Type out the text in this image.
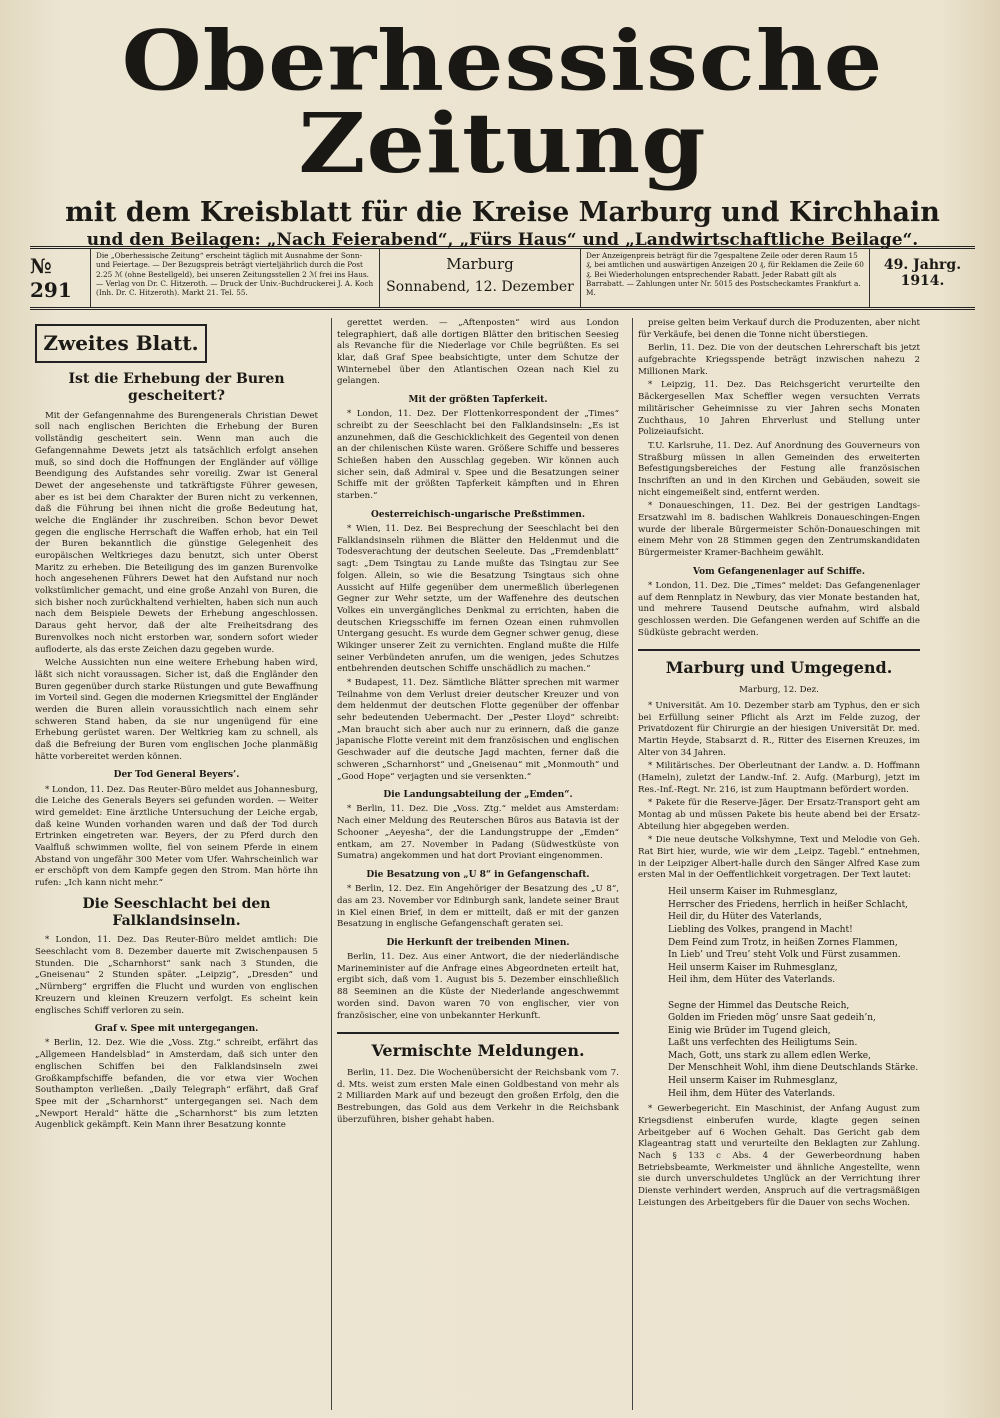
Oberhessische Zeitung
mit dem Kreisblatt für die Kreise Marburg und Kirchhain
und den Beilagen: „Nach Feierabend“, „Fürs Haus“ und „Landwirtschaftliche Beilage“.
№ 291
Die „Oberhessische Zeitung“ erscheint täglich mit Ausnahme der Sonn- und Feiertage. — Der Bezugspreis beträgt vierteljährlich durch die Post 2.25 ℳ (ohne Bestellgeld), bei unseren Zeitungsstellen 2 ℳ frei ins Haus. — Verlag von Dr. C. Hitzeroth. — Druck der Univ.-Buchdruckerei J. A. Koch (Inh. Dr. C. Hitzeroth). Markt 21. Tel. 55.
Marburg
Sonnabend, 12. Dezember
Der Anzeigenpreis beträgt für die 7gespaltene Zeile oder deren Raum 15 ₰, bei amtlichen und auswärtigen Anzeigen 20 ₰, für Reklamen die Zeile 60 ₰. Bei Wiederholungen entsprechender Rabatt. Jeder Rabatt gilt als Barrabatt. — Zahlungen unter Nr. 5015 des Postscheckamtes Frankfurt a. M.
49. Jahrg.
1914.
Zweites Blatt.
Ist die Erhebung der Buren gescheitert?

Mit der Gefangennahme des Burengenerals Christian Dewet soll nach englischen Berichten die Erhebung der Buren vollständig gescheitert sein. Wenn man auch die Gefangennahme Dewets jetzt als tatsächlich erfolgt ansehen muß, so sind doch die Hoffnungen der Engländer auf völlige Beendigung des Aufstandes sehr voreilig. Zwar ist General Dewet der angesehenste und tatkräftigste Führer gewesen, aber es ist bei dem Charakter der Buren nicht zu verkennen, daß die Führung bei ihnen nicht die große Bedeutung hat, welche die Engländer ihr zuschreiben. Schon bevor Dewet gegen die englische Herrschaft die Waffen erhob, hat ein Teil der Buren bekanntlich die günstige Gelegenheit des europäischen Weltkrieges dazu benutzt, sich unter Oberst Maritz zu erheben. Die Beteiligung des im ganzen Burenvolke hoch angesehenen Führers Dewet hat den Aufstand nur noch volkstümlicher gemacht, und eine große Anzahl von Buren, die sich bisher noch zurückhaltend verhielten, haben sich nun auch nach dem Beispiele Dewets der Erhebung angeschlossen. Daraus geht hervor, daß der alte Freiheitsdrang des Burenvolkes noch nicht erstorben war, sondern sofort wieder aufloderte, als das erste Zeichen dazu gegeben wurde.

Welche Aussichten nun eine weitere Erhebung haben wird, läßt sich nicht voraussagen. Sicher ist, daß die Engländer den Buren gegenüber durch starke Rüstungen und gute Bewaffnung im Vorteil sind. Gegen die modernen Kriegsmittel der Engländer werden die Buren allein voraussichtlich nach einem sehr schweren Stand haben, da sie nur ungenügend für eine Erhebung gerüstet waren. Der Weltkrieg kam zu schnell, als daß die Befreiung der Buren vom englischen Joche planmäßig hätte vorbereitet werden können.

Der Tod General Beyers’.

* London, 11. Dez. Das Reuter-Büro meldet aus Johannesburg, die Leiche des Generals Beyers sei gefunden worden. — Weiter wird gemeldet: Eine ärztliche Untersuchung der Leiche ergab, daß keine Wunden vorhanden waren und daß der Tod durch Ertrinken eingetreten war. Beyers, der zu Pferd durch den Vaalfluß schwimmen wollte, fiel von seinem Pferde in einem Abstand von ungefähr 300 Meter vom Ufer. Wahrscheinlich war er erschöpft von dem Kampfe gegen den Strom. Man hörte ihn rufen: „Ich kann nicht mehr.“

Die Seeschlacht bei den Falklandsinseln.

* London, 11. Dez. Das Reuter-Büro meldet amtlich: Die Seeschlacht vom 8. Dezember dauerte mit Zwischenpausen 5 Stunden. Die „Scharnhorst“ sank nach 3 Stunden, die „Gneisenau“ 2 Stunden später. „Leipzig“, „Dresden“ und „Nürnberg“ ergriffen die Flucht und wurden von englischen Kreuzern und kleinen Kreuzern verfolgt. Es scheint kein englisches Schiff verloren zu sein.

Graf v. Spee mit untergegangen.

* Berlin, 12. Dez. Wie die „Voss. Ztg.“ schreibt, erfährt das „Allgemeen Handelsblad“ in Amsterdam, daß sich unter den englischen Schiffen bei den Falklandsinseln zwei Großkampfschiffe befanden, die vor etwa vier Wochen Southampton verließen. „Daily Telegraph“ erfährt, daß Graf Spee mit der „Scharnhorst“ untergegangen sei. Nach dem „Newport Herald“ hätte die „Scharnhorst“ bis zum letzten Augenblick gekämpft. Kein Mann ihrer Besatzung konnte

gerettet werden. — „Aftenposten“ wird aus London telegraphiert, daß alle dortigen Blätter den britischen Seesieg als Revanche für die Niederlage vor Chile begrüßten. Es sei klar, daß Graf Spee beabsichtigte, unter dem Schutze der Winternebel über den Atlantischen Ozean nach Kiel zu gelangen.

Mit der größten Tapferkeit.

* London, 11. Dez. Der Flottenkorrespondent der „Times“ schreibt zu der Seeschlacht bei den Falklandsinseln: „Es ist anzunehmen, daß die Geschicklichkeit des Gegenteil von denen an der chilenischen Küste waren. Größere Schiffe und besseres Schießen haben den Ausschlag gegeben. Wir können auch sicher sein, daß Admiral v. Spee und die Besatzungen seiner Schiffe mit der größten Tapferkeit kämpften und in Ehren starben.“

Oesterreichisch-ungarische Preßstimmen.

* Wien, 11. Dez. Bei Besprechung der Seeschlacht bei den Falklandsinseln rühmen die Blätter den Heldenmut und die Todesverachtung der deutschen Seeleute. Das „Fremdenblatt“ sagt: „Dem Tsingtau zu Lande mußte das Tsingtau zur See folgen. Allein, so wie die Besatzung Tsingtaus sich ohne Aussicht auf Hilfe gegenüber dem unermeßlich überlegenen Gegner zur Wehr setzte, um der Waffenehre des deutschen Volkes ein unvergängliches Denkmal zu errichten, haben die deutschen Kriegsschiffe im fernen Ozean einen ruhmvollen Untergang gesucht. Es wurde dem Gegner schwer genug, diese Wikinger unserer Zeit zu vernichten. England mußte die Hilfe seiner Verbündeten anrufen, um die wenigen, jedes Schutzes entbehrenden deutschen Schiffe unschädlich zu machen.“

* Budapest, 11. Dez. Sämtliche Blätter sprechen mit warmer Teilnahme von dem Verlust dreier deutscher Kreuzer und von dem heldenmut der deutschen Flotte gegenüber der offenbar sehr bedeutenden Uebermacht. Der „Pester Lloyd“ schreibt: „Man braucht sich aber auch nur zu erinnern, daß die ganze japanische Flotte vereint mit dem französischen und englischen Geschwader auf die deutsche Jagd machten, ferner daß die schweren „Scharnhorst“ und „Gneisenau“ mit „Monmouth“ und „Good Hope“ verjagten und sie versenkten.“

Die Landungsabteilung der „Emden“.

* Berlin, 11. Dez. Die „Voss. Ztg.“ meldet aus Amsterdam: Nach einer Meldung des Reuterschen Büros aus Batavia ist der Schooner „Aeyesha“, der die Landungstruppe der „Emden“ entkam, am 27. November in Padang (Südwestküste von Sumatra) angekommen und hat dort Proviant eingenommen.

Die Besatzung von „U 8“ in Gefangenschaft.

* Berlin, 12. Dez. Ein Angehöriger der Besatzung des „U 8“, das am 23. November vor Edinburgh sank, landete seiner Braut in Kiel einen Brief, in dem er mitteilt, daß er mit der ganzen Besatzung in englische Gefangenschaft geraten sei.

Die Herkunft der treibenden Minen.

Berlin, 11. Dez. Aus einer Antwort, die der niederländische Marineminister auf die Anfrage eines Abgeordneten erteilt hat, ergibt sich, daß vom 1. August bis 5. Dezember einschließlich 88 Seeminen an die Küste der Niederlande angeschwemmt worden sind. Davon waren 70 von englischer, vier von französischer, eine von unbekannter Herkunft.

Vermischte Meldungen.

Berlin, 11. Dez. Die Wochenübersicht der Reichsbank vom 7. d. Mts. weist zum ersten Male einen Goldbestand von mehr als 2 Milliarden Mark auf und bezeugt den großen Erfolg, den die Bestrebungen, das Gold aus dem Verkehr in die Reichsbank überzuführen, bisher gehabt haben.

preise gelten beim Verkauf durch die Produzenten, aber nicht für Verkäufe, bei denen die Tonne nicht überstiegen.

Berlin, 11. Dez. Die von der deutschen Lehrerschaft bis jetzt aufgebrachte Kriegsspende beträgt inzwischen nahezu 2 Millionen Mark.

* Leipzig, 11. Dez. Das Reichsgericht verurteilte den Bäckergesellen Max Scheffler wegen versuchten Verrats militärischer Geheimnisse zu vier Jahren sechs Monaten Zuchthaus, 10 Jahren Ehrverlust und Stellung unter Polizeiaufsicht.

T.U. Karlsruhe, 11. Dez. Auf Anordnung des Gouverneurs von Straßburg müssen in allen Gemeinden des erweiterten Befestigungsbereiches der Festung alle französischen Inschriften an und in den Kirchen und Gebäuden, soweit sie nicht eingemeißelt sind, entfernt werden.

* Donaueschingen, 11. Dez. Bei der gestrigen Landtags-Ersatzwahl im 8. badischen Wahlkreis Donaueschingen-Engen wurde der liberale Bürgermeister Schön-Donaueschingen mit einem Mehr von 28 Stimmen gegen den Zentrumskandidaten Bürgermeister Kramer-Bachheim gewählt.

Vom Gefangenenlager auf Schiffe.

* London, 11. Dez. Die „Times“ meldet: Das Gefangenenlager auf dem Rennplatz in Newbury, das vier Monate bestanden hat, und mehrere Tausend Deutsche aufnahm, wird alsbald geschlossen werden. Die Gefangenen werden auf Schiffe an die Südküste gebracht werden.

Marburg und Umgegend.
Marburg, 12. Dez.

* Universität. Am 10. Dezember starb am Typhus, den er sich bei Erfüllung seiner Pflicht als Arzt im Felde zuzog, der Privatdozent für Chirurgie an der hiesigen Universität Dr. med. Martin Heyde, Stabsarzt d. R., Ritter des Eisernen Kreuzes, im Alter von 34 Jahren.

* Militärisches. Der Oberleutnant der Landw. a. D. Hoffmann (Hameln), zuletzt der Landw.-Inf. 2. Aufg. (Marburg), jetzt im Res.-Inf.-Regt. Nr. 216, ist zum Hauptmann befördert worden.

* Pakete für die Reserve-Jäger. Der Ersatz-Transport geht am Montag ab und müssen Pakete bis heute abend bei der Ersatz-Abteilung hier abgegeben werden.

* Die neue deutsche Volkshymne, Text und Melodie von Geh. Rat Birt hier, wurde, wie wir dem „Leipz. Tagebl.“ entnehmen, in der Leipziger Albert-halle durch den Sänger Alfred Kase zum ersten Mal in der Oeffentlichkeit vorgetragen. Der Text lautet:

Heil unserm Kaiser im Ruhmesglanz,
Herrscher des Friedens, herrlich in heißer Schlacht,
Heil dir, du Hüter des Vaterlands,
Liebling des Volkes, prangend in Macht!
Dem Feind zum Trotz, in heißen Zornes Flammen,
In Lieb’ und Treu’ steht Volk und Fürst zusammen.
Heil unserm Kaiser im Ruhmesglanz,
Heil ihm, dem Hüter des Vaterlands.

Segne der Himmel das Deutsche Reich,
Golden im Frieden mög’ unsre Saat gedeih’n,
Einig wie Brüder im Tugend gleich,
Laßt uns verfechten des Heiligtums Sein.
Mach, Gott, uns stark zu allem edlen Werke,
Der Menschheit Wohl, ihm diene Deutschlands Stärke.
Heil unserm Kaiser im Ruhmesglanz,
Heil ihm, dem Hüter des Vaterlands.

* Gewerbegericht. Ein Maschinist, der Anfang August zum Kriegsdienst einberufen wurde, klagte gegen seinen Arbeitgeber auf 6 Wochen Gehalt. Das Gericht gab dem Klageantrag statt und verurteilte den Beklagten zur Zahlung. Nach § 133 c Abs. 4 der Gewerbeordnung haben Betriebsbeamte, Werkmeister und ähnliche Angestellte, wenn sie durch unverschuldetes Unglück an der Verrichtung ihrer Dienste verhindert werden, Anspruch auf die vertragsmäßigen Leistungen des Arbeitgebers für die Dauer von sechs Wochen.
